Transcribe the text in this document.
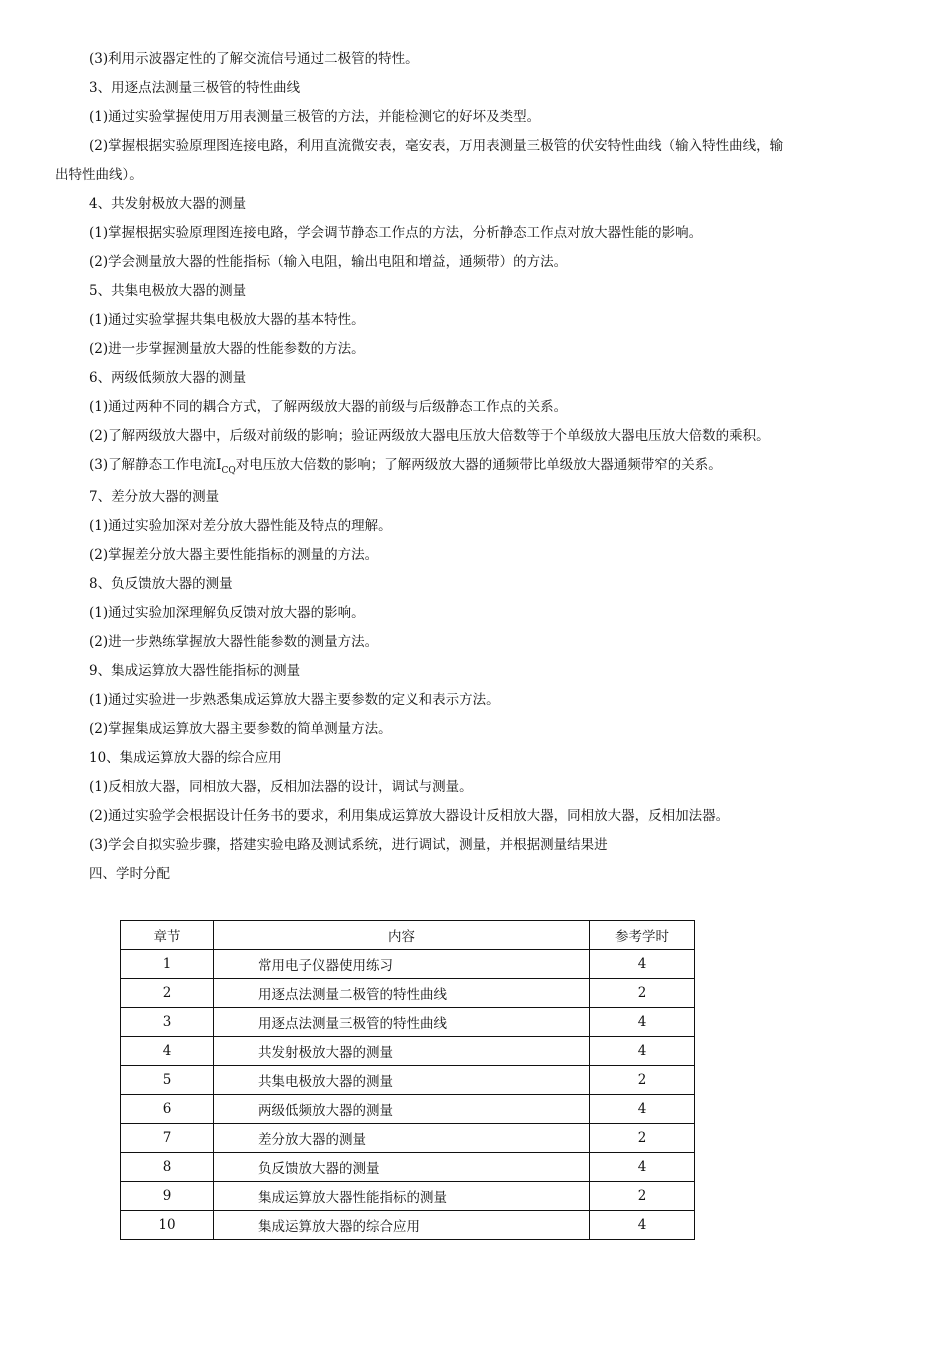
(3)利用示波器定性的了解交流信号通过二极管的特性。
3、用逐点法测量三极管的特性曲线
(1)通过实验掌握使用万用表测量三极管的方法，并能检测它的好坏及类型。
(2)掌握根据实验原理图连接电路，利用直流微安表，毫安表，万用表测量三极管的伏安特性曲线（输入特性曲线，输
出特性曲线）。
4、共发射极放大器的测量
(1)掌握根据实验原理图连接电路，学会调节静态工作点的方法，分析静态工作点对放大器性能的影响。
(2)学会测量放大器的性能指标（输入电阻，输出电阻和增益，通频带）的方法。
5、共集电极放大器的测量
(1)通过实验掌握共集电极放大器的基本特性。
(2)进一步掌握测量放大器的性能参数的方法。
6、两级低频放大器的测量
(1)通过两种不同的耦合方式，了解两级放大器的前级与后级静态工作点的关系。
(2)了解两级放大器中，后级对前级的影响；验证两级放大器电压放大倍数等于个单级放大器电压放大倍数的乘积。
(3)了解静态工作电流$I_{CQ}$对电压放大倍数的影响；了解两级放大器的通频带比单级放大器通频带窄的关系。
7、差分放大器的测量
(1)通过实验加深对差分放大器性能及特点的理解。
(2)掌握差分放大器主要性能指标的测量的方法。
8、负反馈放大器的测量
(1)通过实验加深理解负反馈对放大器的影响。
(2)进一步熟练掌握放大器性能参数的测量方法。
9、集成运算放大器性能指标的测量
(1)通过实验进一步熟悉集成运算放大器主要参数的定义和表示方法。
(2)掌握集成运算放大器主要参数的简单测量方法。
10、集成运算放大器的综合应用
(1)反相放大器，同相放大器，反相加法器的设计，调试与测量。
(2)通过实验学会根据设计任务书的要求，利用集成运算放大器设计反相放大器，同相放大器，反相加法器。
(3)学会自拟实验步骤，搭建实验电路及测试系统，进行调试，测量，并根据测量结果进
四、学时分配
章节	内容	参考学时
1	常用电子仪器使用练习	4
2	用逐点法测量二极管的特性曲线	2
3	用逐点法测量三极管的特性曲线	4
4	共发射极放大器的测量	4
5	共集电极放大器的测量	2
6	两级低频放大器的测量	4
7	差分放大器的测量	2
8	负反馈放大器的测量	4
9	集成运算放大器性能指标的测量	2
10	集成运算放大器的综合应用	4
